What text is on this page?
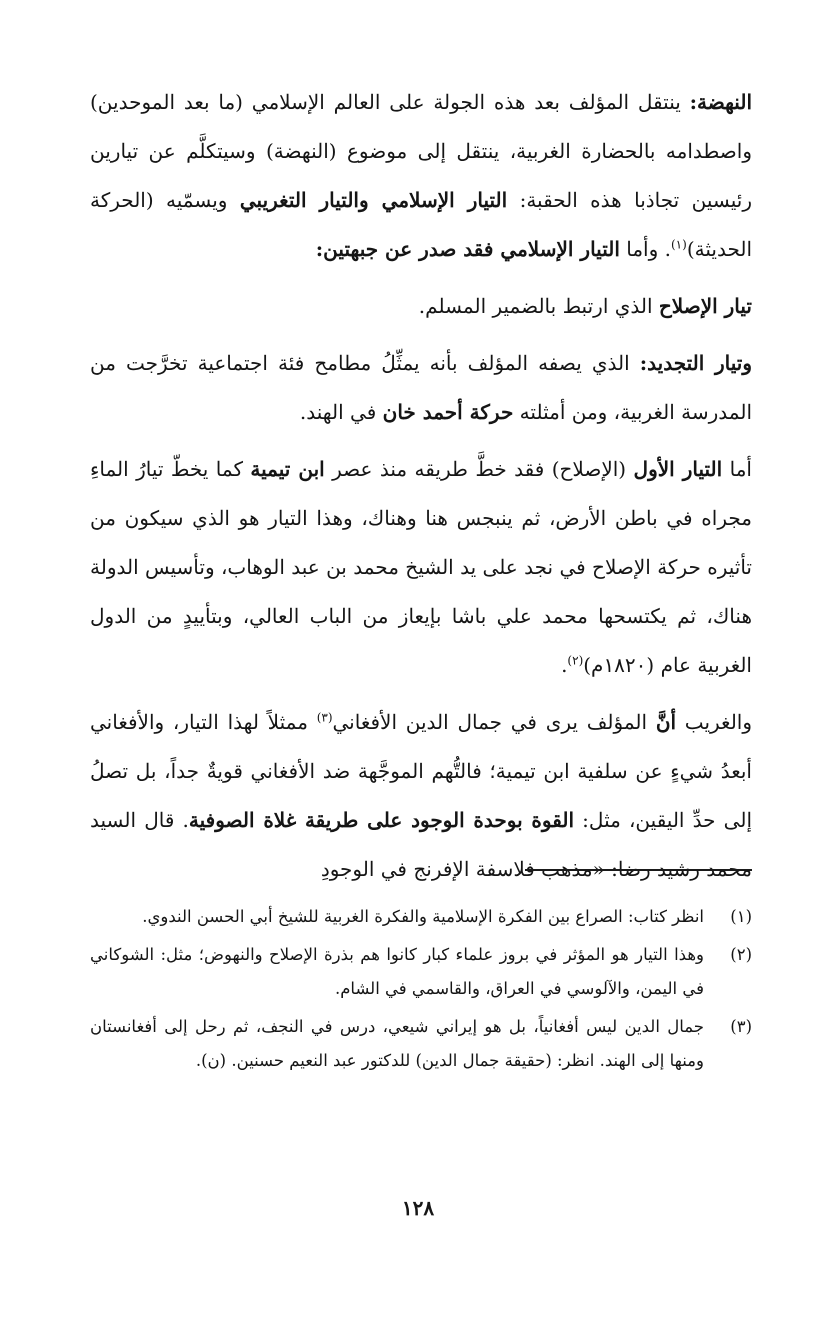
النهضة: ينتقل المؤلف بعد هذه الجولة على العالم الإسلامي (ما بعد الموحدين) واصطدامه بالحضارة الغربية، ينتقل إلى موضوع (النهضة) وسيتكلَّم عن تيارين رئيسين تجاذبا هذه الحقبة: التيار الإسلامي والتيار التغريبي ويسمّيه (الحركة الحديثة)$^{(١)}$. وأما التيار الإسلامي فقد صدر عن جبهتين:

تيار الإصلاح الذي ارتبط بالضمير المسلم.

وتيار التجديد: الذي يصفه المؤلف بأنه يمثِّلُ مطامح فئة اجتماعية تخرَّجت من المدرسة الغربية، ومن أمثلته حركة أحمد خان في الهند.

أما التيار الأول (الإصلاح) فقد خطَّ طريقه منذ عصر ابن تيمية كما يخطّ تيارُ الماءِ مجراه في باطن الأرض، ثم ينبجس هنا وهناك، وهذا التيار هو الذي سيكون من تأثيره حركة الإصلاح في نجد على يد الشيخ محمد بن عبد الوهاب، وتأسيس الدولة هناك، ثم يكتسحها محمد علي باشا بإيعاز من الباب العالي، وبتأييدٍ من الدول الغربية عام (١٨٢٠م)$^{(٢)}$.

والغريب أنَّ المؤلف يرى في جمال الدين الأفغاني$^{(٣)}$ ممثلاً لهذا التيار، والأفغاني أبعدُ شيءٍ عن سلفية ابن تيمية؛ فالتُّهم الموجَّهة ضد الأفغاني قويةٌ جداً، بل تصلُ إلى حدِّ اليقين، مثل: القوة بوحدة الوجود على طريقة غلاة الصوفية. قال السيد محمد رشيد رضا: «مذهب فلاسفة الإفرنج في الوجودِ

(١)
انظر كتاب: الصراع بين الفكرة الإسلامية والفكرة الغربية للشيخ أبي الحسن الندوي.
(٢)
وهذا التيار هو المؤثر في بروز علماء كبار كانوا هم بذرة الإصلاح والنهوض؛ مثل: الشوكاني في اليمن، والآلوسي في العراق، والقاسمي في الشام.
(٣)
جمال الدين ليس أفغانياً، بل هو إيراني شيعي، درس في النجف، ثم رحل إلى أفغانستان ومنها إلى الهند. انظر: (حقيقة جمال الدين) للدكتور عبد النعيم حسنين. (ن).
١٢٨
